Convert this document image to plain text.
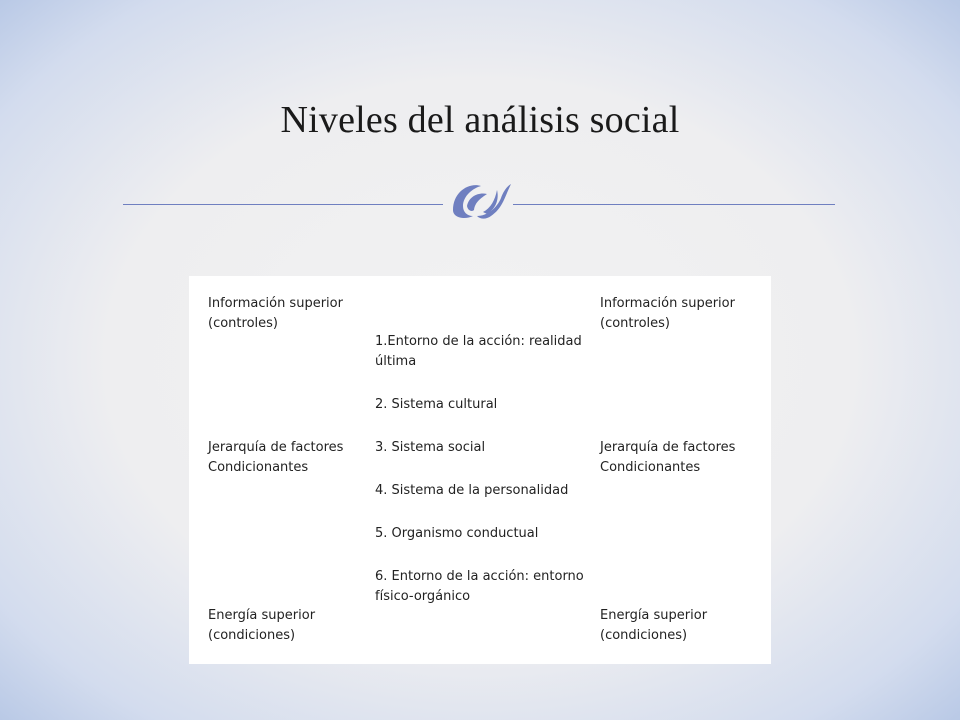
Niveles del análisis social
Información superior
(controles)
Jerarquía de factores
Condicionantes
Energía superior
(condiciones)
1.Entorno de la acción: realidad
última
2. Sistema cultural
3. Sistema social
4. Sistema de la personalidad
5. Organismo conductual
6. Entorno de la acción: entorno
físico-orgánico
Información superior
(controles)
Jerarquía de factores
Condicionantes
Energía superior
(condiciones)
